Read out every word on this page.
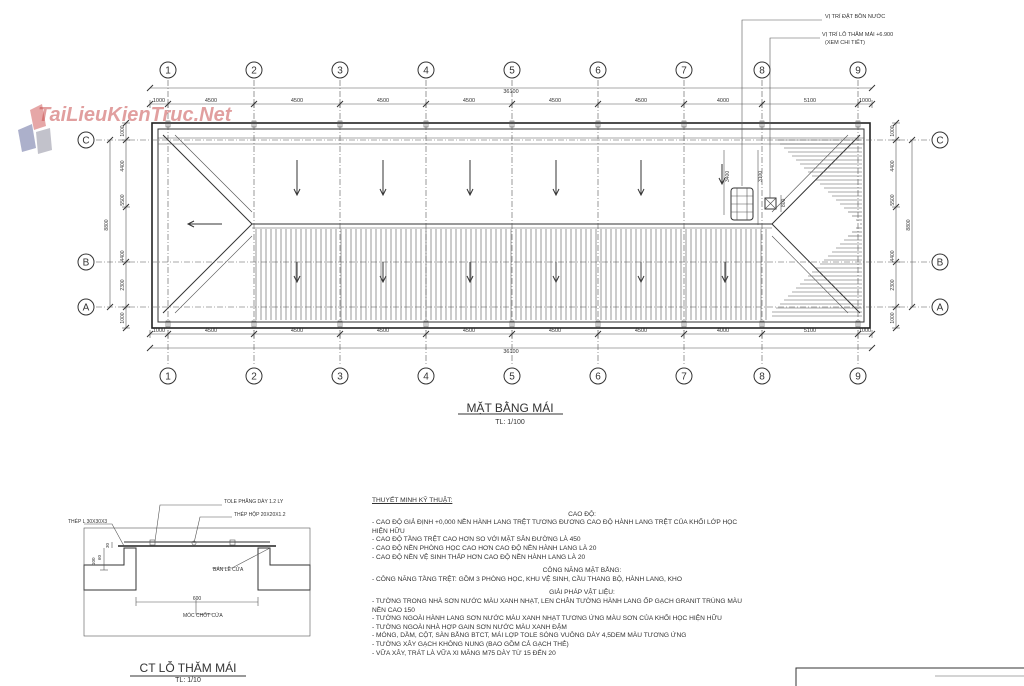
TaiLieuKienTruc.Net
1
1
2
2
3
3
4
4
5
5
6
6
7
7
8
8
9
9
C	C
B	B
A	A
1000	4500	4500	4500	4500	4500	4500	4000	5100	1000
1000	4500	4500	4500	4500	4500	4500	4000	5100	1000
1000
4400
5500
4400
2300
1000
8800
1000
4400
5500
4400
2300
1000
8800
VỊ TRÍ ĐẶT BỒN NƯỚC
VỊ TRÍ LỖ THĂM MÁI +6.900
(XEM CHI TIẾT)
36100
36100
3400	3100
800
MẶT BẰNG MÁI
TL: 1/100
TOLE PHẲNG DÀY 1.2 LY
THÉP HỘP 20X20X1.2
THÉP L 30X30X3
BẢN LỀ CỬA
MÓC CHỐT CỬA
600
100 60
30
CT LỖ THĂM MÁI
TL: 1/10
THUYẾT MINH KỸ THUẬT:
CAO ĐỘ:
- CAO ĐỘ GIẢ ĐỊNH +0,000 NỀN HÀNH LANG TRỆT TƯƠNG ĐƯƠNG CAO ĐỘ HÀNH LANG TRỆT CỦA KHỐI LỚP HỌC
HIỆN HỮU
- CAO ĐỘ TẦNG TRỆT CAO HƠN SO VỚI MẶT SÂN ĐƯỜNG LÀ 450
- CAO ĐỘ NỀN PHÒNG HỌC CAO HƠN CAO ĐỘ NỀN HÀNH LANG LÀ 20
- CAO ĐỘ NỀN VỆ SINH THẤP HƠN CAO ĐỘ NỀN HÀNH LANG LÀ 20
CÔNG NĂNG MẶT BẰNG:
- CÔNG NĂNG TẦNG TRỆT: GỒM 3 PHÒNG HỌC, KHU VỆ SINH, CẦU THANG BỘ, HÀNH LANG, KHO
GIẢI PHÁP VẬT LIỆU:
- TƯỜNG TRONG NHÀ SƠN NƯỚC MÀU XANH NHẠT, LEN CHÂN TƯỜNG HÀNH LANG ỐP GẠCH GRANIT TRÙNG MÀU
NỀN CAO 150
- TƯỜNG NGOÀI HÀNH LANG SƠN NƯỚC MÀU XANH NHẠT TƯƠNG ỨNG MÀU SƠN CỦA KHỐI HỌC HIỆN HỮU
- TƯỜNG NGOÀI NHÀ HỢP GAIN SƠN NƯỚC MÀU XANH ĐẬM
- MÓNG, DẦM, CỘT, SÀN BẰNG BTCT, MÁI LỢP TOLE SÓNG VUÔNG DÀY 4,5DEM MÀU TƯƠNG ỨNG
- TƯỜNG XÂY GẠCH KHÔNG NUNG (BAO GỒM CẢ GẠCH THẺ)
- VỮA XÂY, TRÁT LÀ VỮA XI MĂNG M75 DÀY TỪ 15 ĐẾN 20
